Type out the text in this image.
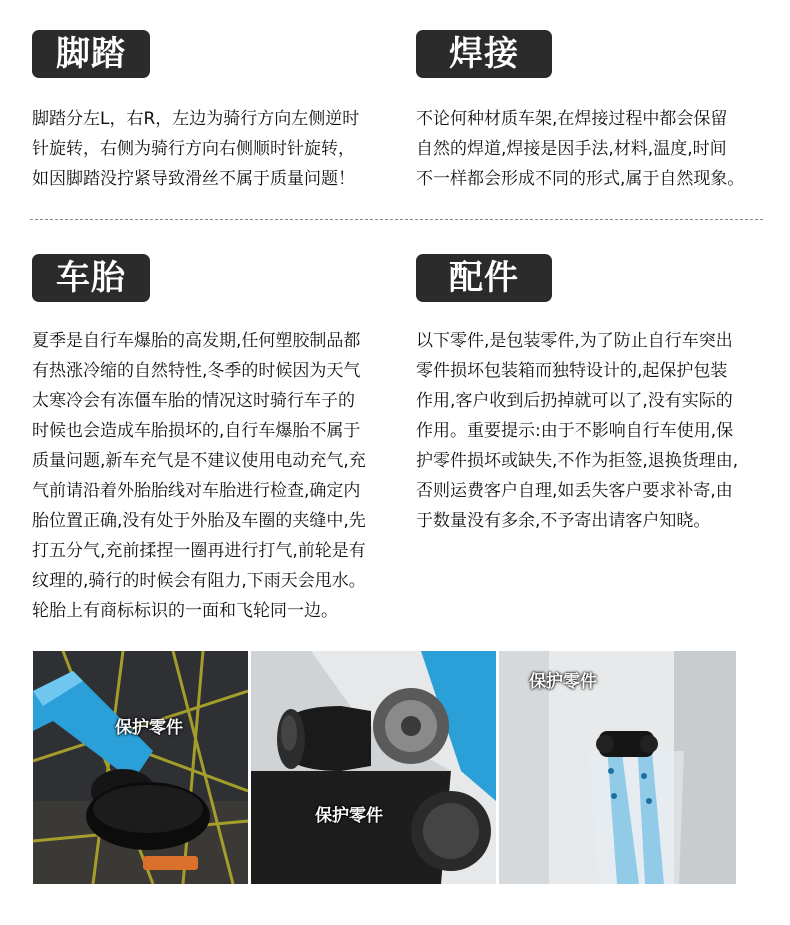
脚踏
脚踏分左L，右R，左边为骑行方向左侧逆时
针旋转，右侧为骑行方向右侧顺时针旋转，
如因脚踏没拧紧导致滑丝不属于质量问题！
焊接
不论何种材质车架,在焊接过程中都会保留
自然的焊道,焊接是因手法,材料,温度,时间
不一样都会形成不同的形式,属于自然现象。
车胎
夏季是自行车爆胎的高发期,任何塑胶制品都
有热涨冷缩的自然特性,冬季的时候因为天气
太寒冷会有冻僵车胎的情况这时骑行车子的
时候也会造成车胎损坏的,自行车爆胎不属于
质量问题,新车充气是不建议使用电动充气,充
气前请沿着外胎胎线对车胎进行检查,确定内
胎位置正确,没有处于外胎及车圈的夹缝中,先
打五分气,充前揉捏一圈再进行打气,前轮是有
纹理的,骑行的时候会有阻力,下雨天会甩水。
轮胎上有商标标识的一面和飞轮同一边。
配件
以下零件,是包装零件,为了防止自行车突出
零件损坏包装箱而独特设计的,起保护包装
作用,客户收到后扔掉就可以了,没有实际的
作用。重要提示:由于不影响自行车使用,保
护零件损坏或缺失,不作为拒签,退换货理由,
否则运费客户自理,如丢失客户要求补寄,由
于数量没有多余,不予寄出请客户知晓。
保护零件
保护零件
保护零件
